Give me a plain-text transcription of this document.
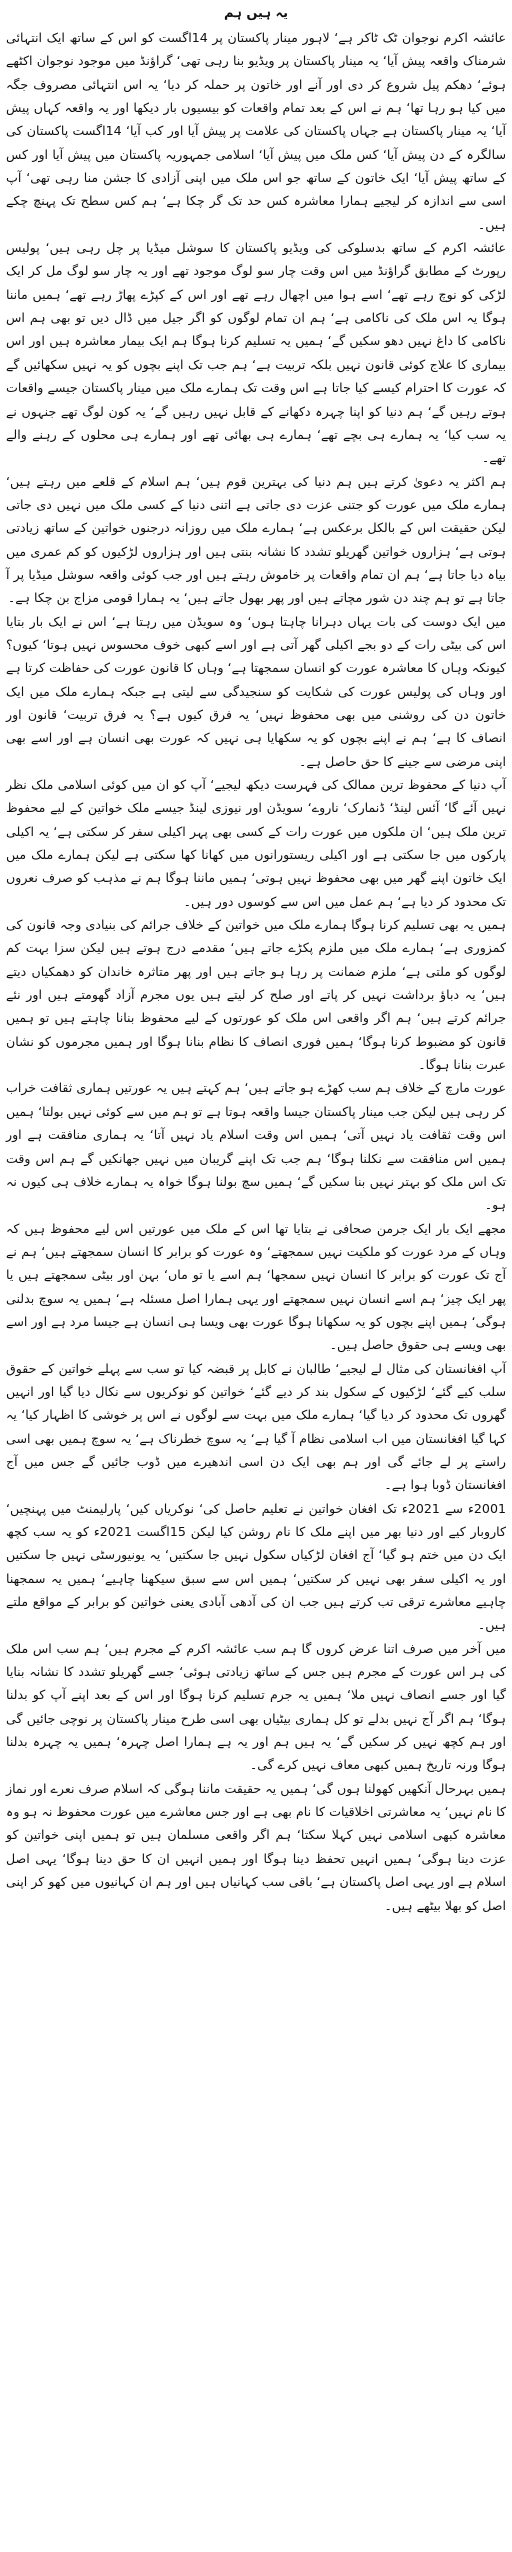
یہ ہیں ہم

عائشہ اکرم نوجوان ٹک ٹاکر ہے‘ لاہور مینار پاکستان پر 14اگست کو اس کے ساتھ ایک انتہائی شرمناک واقعہ پیش آیا‘ یہ مینار پاکستان پر ویڈیو بنا رہی تھی‘ گراؤنڈ میں موجود نوجوان اکٹھے ہوئے‘ دھکم پیل شروع کر دی اور آنے اور خاتون پر حملہ کر دیا‘ یہ اس انتہائی مصروف جگہ میں کیا ہو رہا تھا‘ ہم نے اس کے بعد تمام واقعات کو بیسیوں بار دیکھا اور یہ واقعہ کہاں پیش آیا‘ یہ مینار پاکستان ہے جہاں پاکستان کی علامت پر پیش آیا اور کب آیا‘ 14اگست پاکستان کی سالگرہ کے دن پیش آیا‘ کس ملک میں پیش آیا‘ اسلامی جمہوریہ پاکستان میں پیش آیا اور کس کے ساتھ پیش آیا‘ ایک خاتون کے ساتھ جو اس ملک میں اپنی آزادی کا جشن منا رہی تھی‘ آپ اسی سے اندازہ کر لیجیے ہمارا معاشرہ کس حد تک گر چکا ہے‘ ہم کس سطح تک پہنچ چکے ہیں۔

عائشہ اکرم کے ساتھ بدسلوکی کی ویڈیو پاکستان کا سوشل میڈیا پر چل رہی ہیں‘ پولیس رپورٹ کے مطابق گراؤنڈ میں اس وقت چار سو لوگ موجود تھے اور یہ چار سو لوگ مل کر ایک لڑکی کو نوچ رہے تھے‘ اسے ہوا میں اچھال رہے تھے اور اس کے کپڑے پھاڑ رہے تھے‘ ہمیں ماننا ہوگا یہ اس ملک کی ناکامی ہے‘ ہم ان تمام لوگوں کو اگر جیل میں ڈال دیں تو بھی ہم اس ناکامی کا داغ نہیں دھو سکیں گے‘ ہمیں یہ تسلیم کرنا ہوگا ہم ایک بیمار معاشرہ ہیں اور اس بیماری کا علاج کوئی قانون نہیں بلکہ تربیت ہے‘ ہم جب تک اپنے بچوں کو یہ نہیں سکھائیں گے کہ عورت کا احترام کیسے کیا جاتا ہے اس وقت تک ہمارے ملک میں مینار پاکستان جیسے واقعات ہوتے رہیں گے‘ ہم دنیا کو اپنا چہرہ دکھانے کے قابل نہیں رہیں گے‘ یہ کون لوگ تھے جنہوں نے یہ سب کیا‘ یہ ہمارے ہی بچے تھے‘ ہمارے ہی بھائی تھے اور ہمارے ہی محلوں کے رہنے والے تھے۔

ہم اکثر یہ دعویٰ کرتے ہیں ہم دنیا کی بہترین قوم ہیں‘ ہم اسلام کے قلعے میں رہتے ہیں‘ ہمارے ملک میں عورت کو جتنی عزت دی جاتی ہے اتنی دنیا کے کسی ملک میں نہیں دی جاتی لیکن حقیقت اس کے بالکل برعکس ہے‘ ہمارے ملک میں روزانہ درجنوں خواتین کے ساتھ زیادتی ہوتی ہے‘ ہزاروں خواتین گھریلو تشدد کا نشانہ بنتی ہیں اور ہزاروں لڑکیوں کو کم عمری میں بیاہ دیا جاتا ہے‘ ہم ان تمام واقعات پر خاموش رہتے ہیں اور جب کوئی واقعہ سوشل میڈیا پر آ جاتا ہے تو ہم چند دن شور مچاتے ہیں اور پھر بھول جاتے ہیں‘ یہ ہمارا قومی مزاج بن چکا ہے۔

میں ایک دوست کی بات یہاں دہرانا چاہتا ہوں‘ وہ سویڈن میں رہتا ہے‘ اس نے ایک بار بتایا اس کی بیٹی رات کے دو بجے اکیلی گھر آتی ہے اور اسے کبھی خوف محسوس نہیں ہوتا‘ کیوں؟ کیونکہ وہاں کا معاشرہ عورت کو انسان سمجھتا ہے‘ وہاں کا قانون عورت کی حفاظت کرتا ہے اور وہاں کی پولیس عورت کی شکایت کو سنجیدگی سے لیتی ہے جبکہ ہمارے ملک میں ایک خاتون دن کی روشنی میں بھی محفوظ نہیں‘ یہ فرق کیوں ہے؟ یہ فرق تربیت‘ قانون اور انصاف کا ہے‘ ہم نے اپنے بچوں کو یہ سکھایا ہی نہیں کہ عورت بھی انسان ہے اور اسے بھی اپنی مرضی سے جینے کا حق حاصل ہے۔

آپ دنیا کے محفوظ ترین ممالک کی فہرست دیکھ لیجیے‘ آپ کو ان میں کوئی اسلامی ملک نظر نہیں آئے گا‘ آئس لینڈ‘ ڈنمارک‘ ناروے‘ سویڈن اور نیوزی لینڈ جیسے ملک خواتین کے لیے محفوظ ترین ملک ہیں‘ ان ملکوں میں عورت رات کے کسی بھی پہر اکیلی سفر کر سکتی ہے‘ یہ اکیلی پارکوں میں جا سکتی ہے اور اکیلی ریستورانوں میں کھانا کھا سکتی ہے لیکن ہمارے ملک میں ایک خاتون اپنے گھر میں بھی محفوظ نہیں ہوتی‘ ہمیں ماننا ہوگا ہم نے مذہب کو صرف نعروں تک محدود کر دیا ہے‘ ہم عمل میں اس سے کوسوں دور ہیں۔

ہمیں یہ بھی تسلیم کرنا ہوگا ہمارے ملک میں خواتین کے خلاف جرائم کی بنیادی وجہ قانون کی کمزوری ہے‘ ہمارے ملک میں ملزم پکڑے جاتے ہیں‘ مقدمے درج ہوتے ہیں لیکن سزا بہت کم لوگوں کو ملتی ہے‘ ملزم ضمانت پر رہا ہو جاتے ہیں اور پھر متاثرہ خاندان کو دھمکیاں دیتے ہیں‘ یہ دباؤ برداشت نہیں کر پاتے اور صلح کر لیتے ہیں یوں مجرم آزاد گھومتے ہیں اور نئے جرائم کرتے ہیں‘ ہم اگر واقعی اس ملک کو عورتوں کے لیے محفوظ بنانا چاہتے ہیں تو ہمیں قانون کو مضبوط کرنا ہوگا‘ ہمیں فوری انصاف کا نظام بنانا ہوگا اور ہمیں مجرموں کو نشان عبرت بنانا ہوگا۔

عورت مارچ کے خلاف ہم سب کھڑے ہو جاتے ہیں‘ ہم کہتے ہیں یہ عورتیں ہماری ثقافت خراب کر رہی ہیں لیکن جب مینار پاکستان جیسا واقعہ ہوتا ہے تو ہم میں سے کوئی نہیں بولتا‘ ہمیں اس وقت ثقافت یاد نہیں آتی‘ ہمیں اس وقت اسلام یاد نہیں آتا‘ یہ ہماری منافقت ہے اور ہمیں اس منافقت سے نکلنا ہوگا‘ ہم جب تک اپنے گریبان میں نہیں جھانکیں گے ہم اس وقت تک اس ملک کو بہتر نہیں بنا سکیں گے‘ ہمیں سچ بولنا ہوگا خواہ یہ ہمارے خلاف ہی کیوں نہ ہو۔

مجھے ایک بار ایک جرمن صحافی نے بتایا تھا اس کے ملک میں عورتیں اس لیے محفوظ ہیں کہ وہاں کے مرد عورت کو ملکیت نہیں سمجھتے‘ وہ عورت کو برابر کا انسان سمجھتے ہیں‘ ہم نے آج تک عورت کو برابر کا انسان نہیں سمجھا‘ ہم اسے یا تو ماں‘ بہن اور بیٹی سمجھتے ہیں یا پھر ایک چیز‘ ہم اسے انسان نہیں سمجھتے اور یہی ہمارا اصل مسئلہ ہے‘ ہمیں یہ سوچ بدلنی ہوگی‘ ہمیں اپنے بچوں کو یہ سکھانا ہوگا عورت بھی ویسا ہی انسان ہے جیسا مرد ہے اور اسے بھی ویسے ہی حقوق حاصل ہیں۔

آپ افغانستان کی مثال لے لیجیے‘ طالبان نے کابل پر قبضہ کیا تو سب سے پہلے خواتین کے حقوق سلب کیے گئے‘ لڑکیوں کے سکول بند کر دیے گئے‘ خواتین کو نوکریوں سے نکال دیا گیا اور انہیں گھروں تک محدود کر دیا گیا‘ ہمارے ملک میں بہت سے لوگوں نے اس پر خوشی کا اظہار کیا‘ یہ کہا گیا افغانستان میں اب اسلامی نظام آ گیا ہے‘ یہ سوچ خطرناک ہے‘ یہ سوچ ہمیں بھی اسی راستے پر لے جائے گی اور ہم بھی ایک دن اسی اندھیرے میں ڈوب جائیں گے جس میں آج افغانستان ڈوبا ہوا ہے۔

2001ء سے 2021ء تک افغان خواتین نے تعلیم حاصل کی‘ نوکریاں کیں‘ پارلیمنٹ میں پہنچیں‘ کاروبار کیے اور دنیا بھر میں اپنے ملک کا نام روشن کیا لیکن 15اگست 2021ء کو یہ سب کچھ ایک دن میں ختم ہو گیا‘ آج افغان لڑکیاں سکول نہیں جا سکتیں‘ یہ یونیورسٹی نہیں جا سکتیں اور یہ اکیلی سفر بھی نہیں کر سکتیں‘ ہمیں اس سے سبق سیکھنا چاہیے‘ ہمیں یہ سمجھنا چاہیے معاشرے ترقی تب کرتے ہیں جب ان کی آدھی آبادی یعنی خواتین کو برابر کے مواقع ملتے ہیں۔

میں آخر میں صرف اتنا عرض کروں گا ہم سب عائشہ اکرم کے مجرم ہیں‘ ہم سب اس ملک کی ہر اس عورت کے مجرم ہیں جس کے ساتھ زیادتی ہوئی‘ جسے گھریلو تشدد کا نشانہ بنایا گیا اور جسے انصاف نہیں ملا‘ ہمیں یہ جرم تسلیم کرنا ہوگا اور اس کے بعد اپنے آپ کو بدلنا ہوگا‘ ہم اگر آج نہیں بدلے تو کل ہماری بیٹیاں بھی اسی طرح مینار پاکستان پر نوچی جائیں گی اور ہم کچھ نہیں کر سکیں گے‘ یہ ہیں ہم اور یہ ہے ہمارا اصل چہرہ‘ ہمیں یہ چہرہ بدلنا ہوگا ورنہ تاریخ ہمیں کبھی معاف نہیں کرے گی۔

ہمیں بہرحال آنکھیں کھولنا ہوں گی‘ ہمیں یہ حقیقت ماننا ہوگی کہ اسلام صرف نعرے اور نماز کا نام نہیں‘ یہ معاشرتی اخلاقیات کا نام بھی ہے اور جس معاشرے میں عورت محفوظ نہ ہو وہ معاشرہ کبھی اسلامی نہیں کہلا سکتا‘ ہم اگر واقعی مسلمان ہیں تو ہمیں اپنی خواتین کو عزت دینا ہوگی‘ ہمیں انہیں تحفظ دینا ہوگا اور ہمیں انہیں ان کا حق دینا ہوگا‘ یہی اصل اسلام ہے اور یہی اصل پاکستان ہے‘ باقی سب کہانیاں ہیں اور ہم ان کہانیوں میں کھو کر اپنی اصل کو بھلا بیٹھے ہیں۔
